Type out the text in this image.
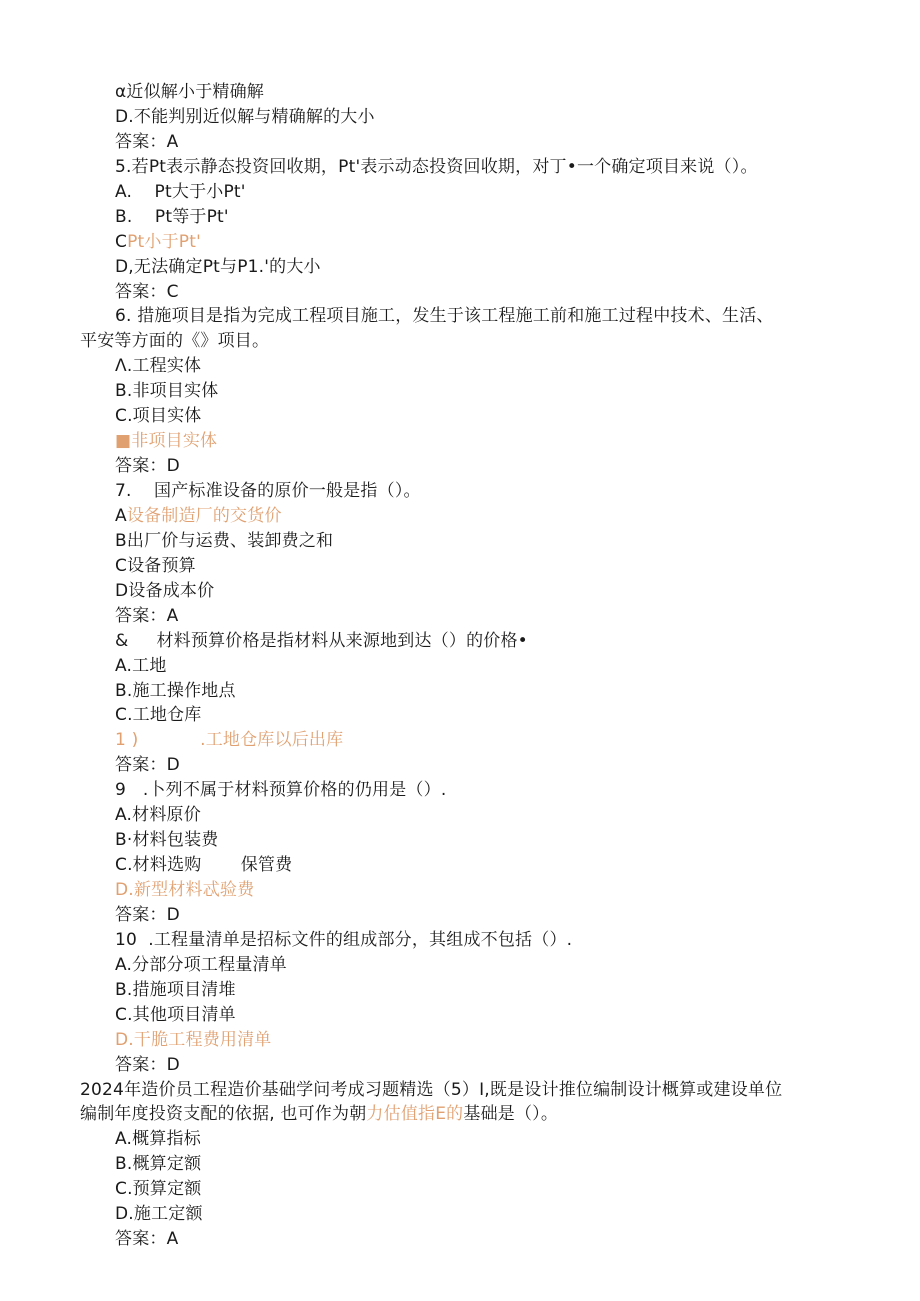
α近似解小于精确解
D.不能判别近似解与精确解的大小
答案：A
5.若Pt表示静态投资回收期，Pt'表示动态投资回收期，对丁•一个确定项目来说（）。
A.    Pt大于小Pt'
B.    Pt等于Pt'
CPt小于Pt'
D,无法确定Pt与P1.'的大小
答案：C
6. 措施项目是指为完成工程项目施工，发生于该工程施工前和施工过程中技术、生活、
平安等方面的《》项目。
Λ.工程实体
B.非项目实体
C.项目实体
■非项目实体
答案：D
7.    国产标准设备的原价一般是指（）。
A设备制造厂的交货价
B出厂价与运费、装卸费之和
C设备预算
D设备成本价
答案：A
&     材料预算价格是指材料从来源地到达（）的价格•
A.工地
B.施工操作地点
C.工地仓库
1 )           .工地仓库以后出库
答案：D
9   .卜列不属于材料预算价格的仍用是（）.
A.材料原价
B·材料包装费
C.材料选购       保管费
D.新型材料忒验费
答案：D
10  .工程量清单是招标文件的组成部分，其组成不包括（）.
A.分部分项工程量清单
B.措施项目清堆
C.其他项目清单
D.干脆工程费用清单
答案：D
2024年造价员工程造价基础学问考成习题精选（5）I,既是设计推位编制设计概算或建设单位
编制年度投资支配的依据, 也可作为朝力估值指E的基础是（）。
A.概算指标
B.概算定额
C.预算定额
D.施工定额
答案：A
